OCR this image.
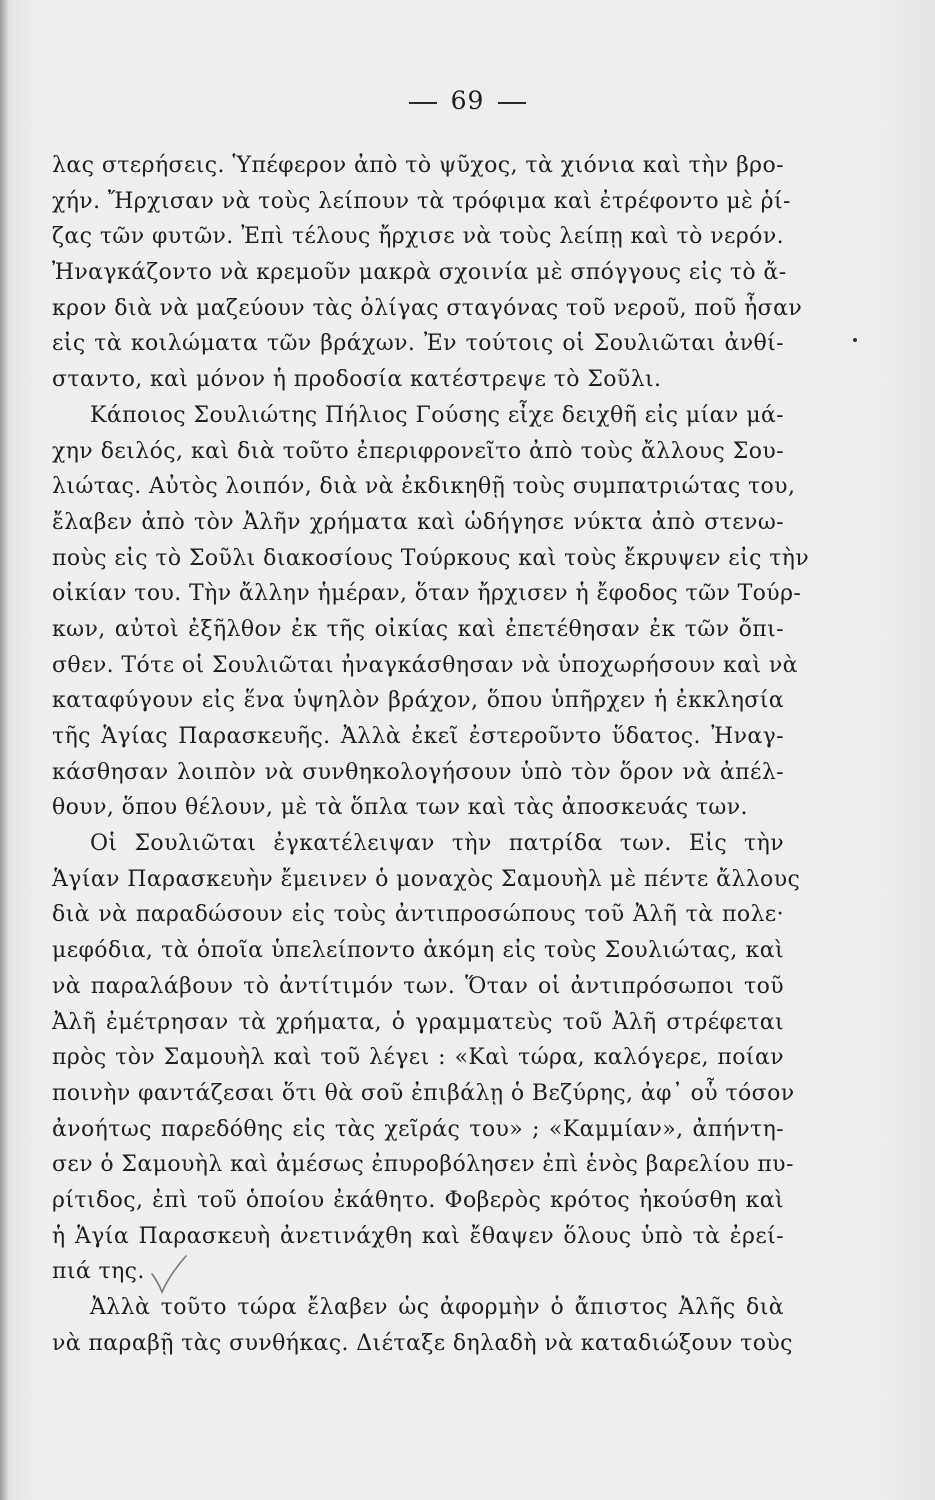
69
λας στερήσεις. Ὑπέφερον ἀπὸ τὸ ψῦχος, τὰ χιόνια καὶ τὴν βρο-
χήν. Ἤρχισαν νὰ τοὺς λείπουν τὰ τρόφιμα καὶ ἐτρέφοντο μὲ ῥί-
ζας τῶν φυτῶν. Ἐπὶ τέλους ἤρχισε νὰ τοὺς λείπῃ καὶ τὸ νερόν.
Ἠναγκάζοντο νὰ κρεμοῦν μακρὰ σχοινία μὲ σπόγγους εἰς τὸ ἄ-
κρον διὰ νὰ μαζεύουν τὰς ὀλίγας σταγόνας τοῦ νεροῦ, ποῦ ἦσαν
εἰς τὰ κοιλώματα τῶν βράχων. Ἐν τούτοις οἱ Σουλιῶται ἀνθί-
σταντο, καὶ μόνον ἡ προδοσία κατέστρεψε τὸ Σοῦλι.
Κάποιος Σουλιώτης Πήλιος Γούσης εἶχε δειχθῆ εἰς μίαν μά-
χην δειλός, καὶ διὰ τοῦτο ἐπεριφρονεῖτο ἀπὸ τοὺς ἄλλους Σου-
λιώτας. Αὐτὸς λοιπόν, διὰ νὰ ἐκδικηθῇ τοὺς συμπατριώτας του,
ἔλαβεν ἀπὸ τὸν Ἀλῆν χρήματα καὶ ὡδήγησε νύκτα ἀπὸ στενω-
ποὺς εἰς τὸ Σοῦλι διακοσίους Τούρκους καὶ τοὺς ἔκρυψεν εἰς τὴν
οἰκίαν του. Τὴν ἄλλην ἡμέραν, ὅταν ἤρχισεν ἡ ἔφοδος τῶν Τούρ-
κων, αὐτοὶ ἐξῆλθον ἐκ τῆς οἰκίας καὶ ἐπετέθησαν ἐκ τῶν ὄπι-
σθεν. Τότε οἱ Σουλιῶται ἠναγκάσθησαν νὰ ὑποχωρήσουν καὶ νὰ
καταφύγουν εἰς ἕνα ὑψηλὸν βράχον, ὅπου ὑπῆρχεν ἡ ἐκκλησία
τῆς Ἁγίας Παρασκευῆς. Ἀλλὰ ἐκεῖ ἐστεροῦντο ὕδατος. Ἠναγ-
κάσθησαν λοιπὸν νὰ συνθηκολογήσουν ὑπὸ τὸν ὅρον νὰ ἀπέλ-
θουν, ὅπου θέλουν, μὲ τὰ ὅπλα των καὶ τὰς ἀποσκευάς των.
Οἱ Σουλιῶται ἐγκατέλειψαν τὴν πατρίδα των. Εἰς τὴν
Ἁγίαν Παρασκευὴν ἔμεινεν ὁ μοναχὸς Σαμουὴλ μὲ πέντε ἄλλους
διὰ νὰ παραδώσουν εἰς τοὺς ἀντιπροσώπους τοῦ Ἀλῆ τὰ πολε·
μεφόδια, τὰ ὁποῖα ὑπελείποντο ἀκόμη εἰς τοὺς Σουλιώτας, καὶ
νὰ παραλάβουν τὸ ἀντίτιμόν των. Ὅταν οἱ ἀντιπρόσωποι τοῦ
Ἀλῆ ἐμέτρησαν τὰ χρήματα, ὁ γραμματεὺς τοῦ Ἀλῆ στρέφεται
πρὸς τὸν Σαμουὴλ καὶ τοῦ λέγει : «Καὶ τώρα, καλόγερε, ποίαν
ποινὴν φαντάζεσαι ὅτι θὰ σοῦ ἐπιβάλῃ ὁ Βεζύρης, ἀφ᾽ οὗ τόσον
ἀνοήτως παρεδόθης εἰς τὰς χεῖράς του» ; «Καμμίαν», ἀπήντη-
σεν ὁ Σαμουὴλ καὶ ἀμέσως ἐπυροβόλησεν ἐπὶ ἑνὸς βαρελίου πυ-
ρίτιδος, ἐπὶ τοῦ ὁποίου ἐκάθητο. Φοβερὸς κρότος ἠκούσθη καὶ
ἡ Ἁγία Παρασκευὴ ἀνετινάχθη καὶ ἔθαψεν ὅλους ὑπὸ τὰ ἐρεί-
πιά της.
Ἀλλὰ τοῦτο τώρα ἔλαβεν ὡς ἀφορμὴν ὁ ἄπιστος Ἀλῆς διὰ
νὰ παραβῇ τὰς συνθήκας. Διέταξε δηλαδὴ νὰ καταδιώξουν τοὺς
